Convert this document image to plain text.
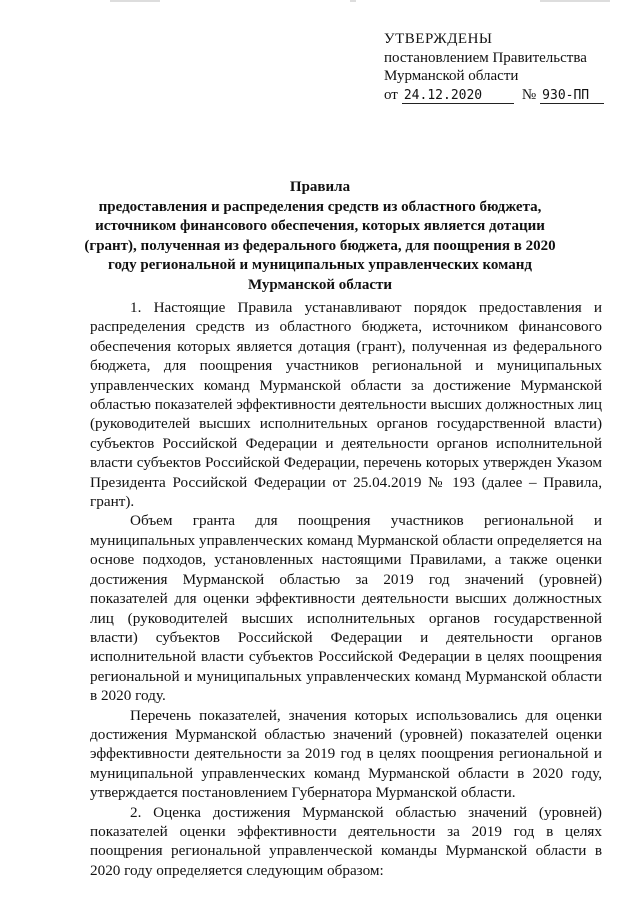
УТВЕРЖДЕНЫ
постановлением Правительства
Мурманской области
от 24.12.2020	№ 930-ПП
Правила
предоставления и распределения средств из областного бюджета, источником финансового обеспечения, которых является дотации (грант), полученная из федерального бюджета, для поощрения в 2020 году региональной и муниципальных управленческих команд Мурманской области

1. Настоящие Правила устанавливают порядок предоставления и распределения средств из областного бюджета, источником финансового обеспечения которых является дотация (грант), полученная из федерального бюджета, для поощрения участников региональной и муниципальных управленческих команд Мурманской области за достижение Мурманской областью показателей эффективности деятельности высших должностных лиц (руководителей высших исполнительных органов государственной власти) субъектов Российской Федерации и деятельности органов исполнительной власти субъектов Российской Федерации, перечень которых утвержден Указом Президента Российской Федерации от 25.04.2019 № 193 (далее – Правила, грант).

Объем гранта для поощрения участников региональной и муниципальных управленческих команд Мурманской области определяется на основе подходов, установленных настоящими Правилами, а также оценки достижения Мурманской областью за 2019 год значений (уровней) показателей для оценки эффективности деятельности высших должностных лиц (руководителей высших исполнительных органов государственной власти) субъектов Российской Федерации и деятельности органов исполнительной власти субъектов Российской Федерации в целях поощрения региональной и муниципальных управленческих команд Мурманской области в 2020 году.

Перечень показателей, значения которых использовались для оценки достижения Мурманской областью значений (уровней) показателей оценки эффективности деятельности за 2019 год в целях поощрения региональной и муниципальной управленческих команд Мурманской области в 2020 году, утверждается постановлением Губернатора Мурманской области.

2. Оценка достижения Мурманской областью значений (уровней) показателей оценки эффективности деятельности за 2019 год в целях поощрения региональной управленческой команды Мурманской области в 2020 году определяется следующим образом:
